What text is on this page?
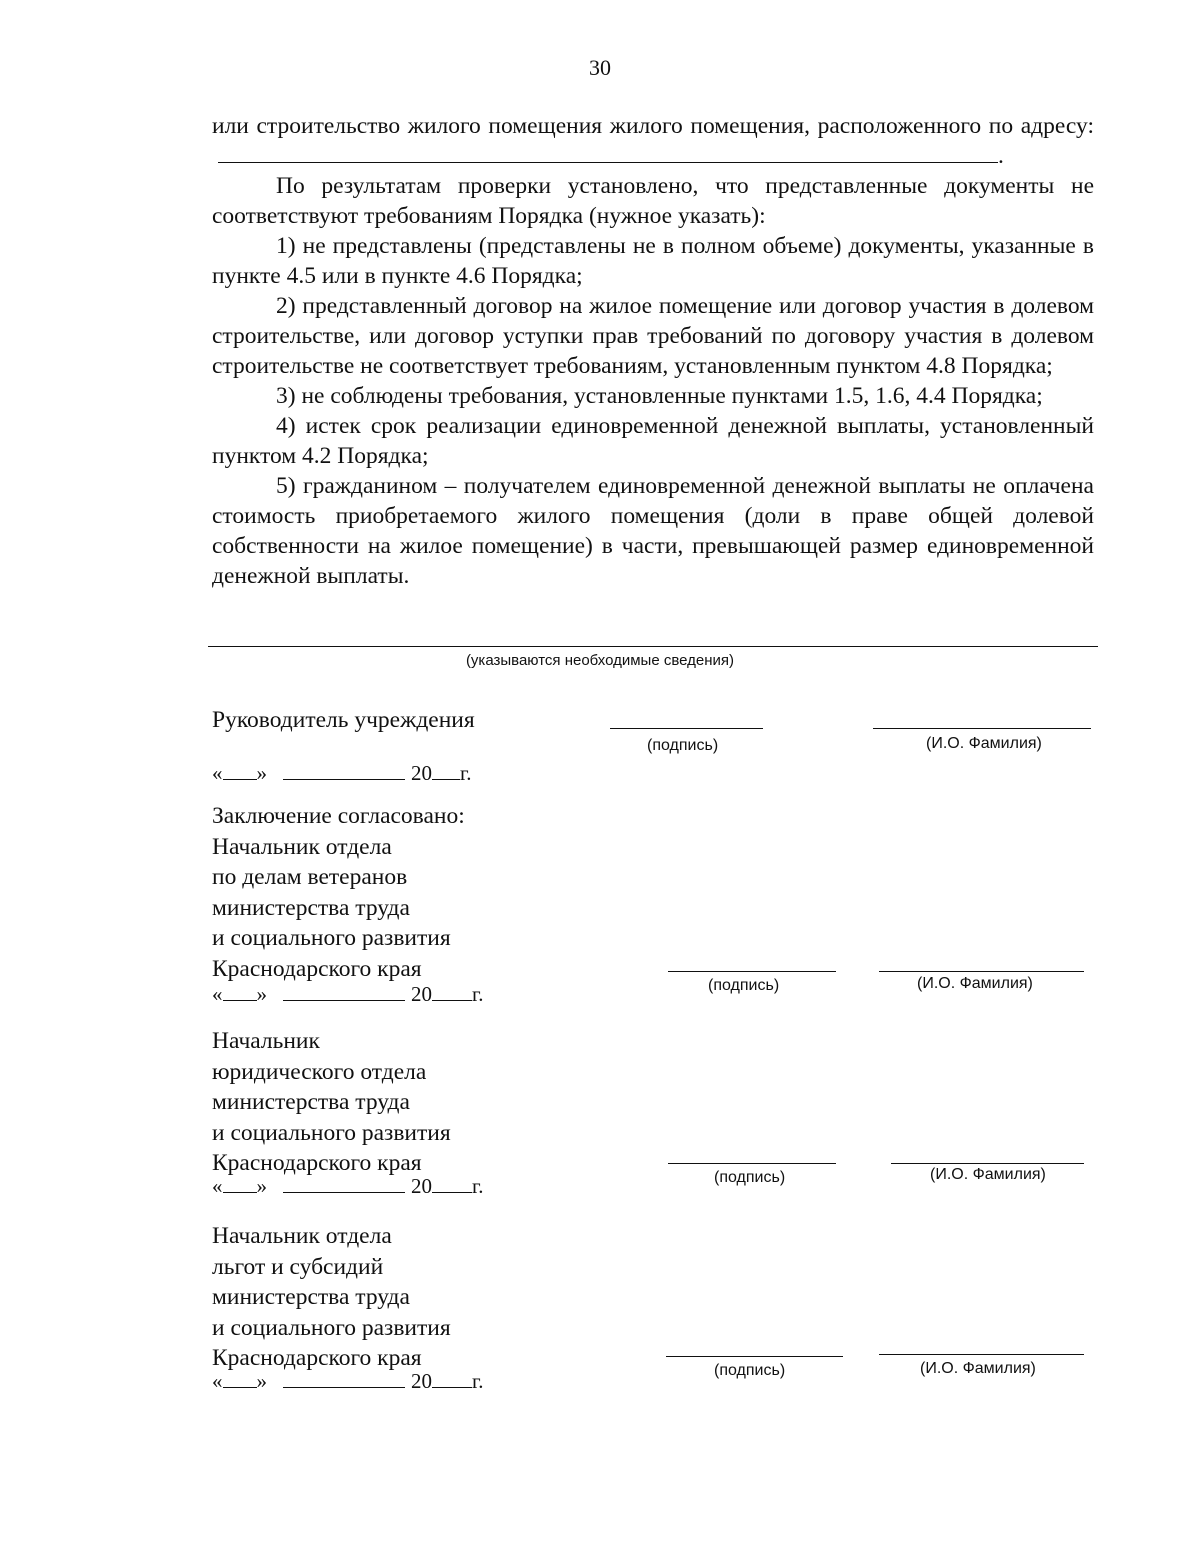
30

или строительство жилого помещения жилого помещения, расположенного по адресу:.

По результатам проверки установлено, что представленные документы не соответствуют требованиям Порядка (нужное указать):

1) не представлены (представлены не в полном объеме) документы, указанные в пункте 4.5 или в пункте 4.6 Порядка;

2) представленный договор на жилое помещение или договор участия в долевом строительстве, или договор уступки прав требований по договору участия в долевом строительстве не соответствует требованиям, установленным пунктом 4.8 Порядка;

3) не соблюдены требования, установленные пунктами 1.5, 1.6, 4.4 Порядка;

4) истек срок реализации единовременной денежной выплаты, установленный пунктом 4.2 Порядка;

5) гражданином – получателем единовременной денежной выплаты не оплачена стоимость приобретаемого жилого помещения (доли в праве общей долевой собственности на жилое помещение) в части, превышающей размер единовременной денежной выплаты.

(указываются необходимые сведения)
Руководитель учреждения
(подпись)	(И.О. Фамилия)
« »	20 г.
Заключение согласовано:
Начальник отдела
по делам ветеранов
министерства труда
и социального развития
Краснодарского края
(подпись)	(И.О. Фамилия)
« »	20 г.
Начальник
юридического отдела
министерства труда
и социального развития
Краснодарского края
(подпись)	(И.О. Фамилия)
« »	20 г.
Начальник отдела
льгот и субсидий
министерства труда
и социального развития
Краснодарского края	(подпись)	(И.О. Фамилия)
« »	20 г.
